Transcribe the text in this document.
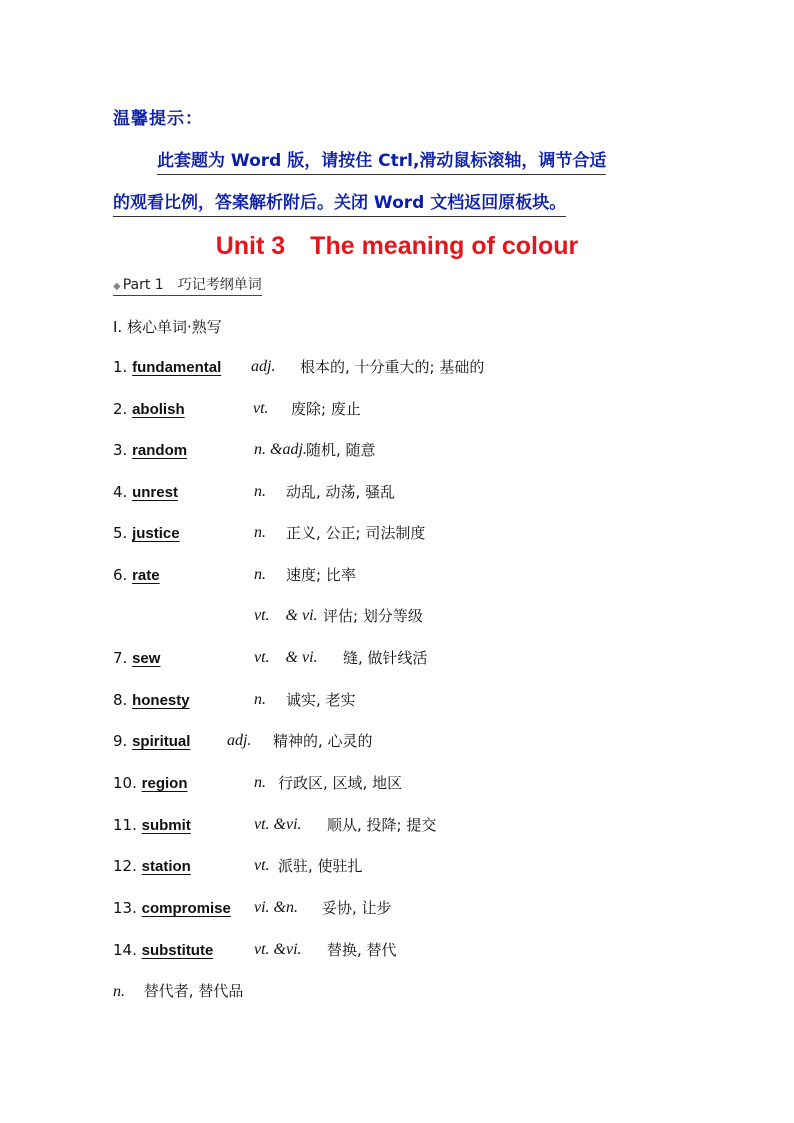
温馨提示：
此套题为 Word 版，请按住 Ctrl,滑动鼠标滚轴，调节合适
的观看比例，答案解析附后。关闭 Word 文档返回原板块。
Unit 3　The meaning of colour
◆ Part 1　巧记考纲单词
Ⅰ. 核心单词·熟写
1. fundamental adj. 根本的, 十分重大的; 基础的
2. abolish	vt. 废除; 废止
3. random	n. &adj. 随机, 随意
4. unrest	n. 动乱, 动荡, 骚乱
5. justice	n. 正义, 公正; 司法制度
6. rate	n. 速度; 比率
vt.　& vi. 评估; 划分等级
7. sew	vt.　& vi. 缝, 做针线活
8. honesty	n. 诚实, 老实
9. spiritual adj. 精神的, 心灵的
10. region	n. 行政区, 区域, 地区
11. submit	vt. &vi. 顺从, 投降; 提交
12. station	vt. 派驻, 使驻扎
13. compromise vi. &n. 妥协, 让步
14. substitute	vt. &vi. 替换, 替代
n. 替代者, 替代品
